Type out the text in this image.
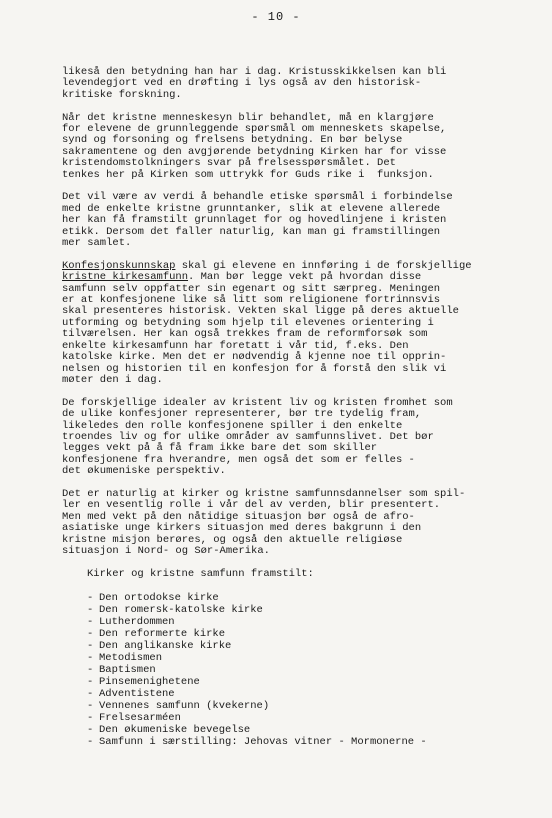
- 10 -
likeså den betydning han har i dag. Kristusskikkelsen kan bli
levendegjort ved en drøfting i lys også av den historisk-
kritiske forskning.
Når det kristne menneskesyn blir behandlet, må en klargjøre
for elevene de grunnleggende spørsmål om menneskets skapelse,
synd og forsoning og frelsens betydning. En bør belyse
sakramentene og den avgjørende betydning Kirken har for visse
kristendomstolkningers svar på frelsesspørsmålet. Det
tenkes her på Kirken som uttrykk for Guds rike i  funksjon.
Det vil være av verdi å behandle etiske spørsmål i forbindelse
med de enkelte kristne grunntanker, slik at elevene allerede
her kan få framstilt grunnlaget for og hovedlinjene i kristen
etikk. Dersom det faller naturlig, kan man gi framstillingen
mer samlet.
Konfesjonskunnskap skal gi elevene en innføring i de forskjellige
kristne kirkesamfunn. Man bør legge vekt på hvordan disse
samfunn selv oppfatter sin egenart og sitt særpreg. Meningen
er at konfesjonene like så litt som religionene fortrinnsvis
skal presenteres historisk. Vekten skal ligge på deres aktuelle
utforming og betydning som hjelp til elevenes orientering i
tilværelsen. Her kan også trekkes fram de reformforsøk som
enkelte kirkesamfunn har foretatt i vår tid, f.eks. Den
katolske kirke. Men det er nødvendig å kjenne noe til opprin-
nelsen og historien til en konfesjon for å forstå den slik vi
møter den i dag.
De forskjellige idealer av kristent liv og kristen fromhet som
de ulike konfesjoner representerer, bør tre tydelig fram,
likeledes den rolle konfesjonene spiller i den enkelte
troendes liv og for ulike områder av samfunnslivet. Det bør
legges vekt på å få fram ikke bare det som skiller
konfesjonene fra hverandre, men også det som er felles -
det økumeniske perspektiv.
Det er naturlig at kirker og kristne samfunnsdannelser som spil-
ler en vesentlig rolle i vår del av verden, blir presentert.
Men med vekt på den nåtidige situasjon bør også de afro-
asiatiske unge kirkers situasjon med deres bakgrunn i den
kristne misjon berøres, og også den aktuelle religiøse
situasjon i Nord- og Sør-Amerika.
Kirker og kristne samfunn framstilt:
- Den ortodokse kirke
- Den romersk-katolske kirke
- Lutherdommen
- Den reformerte kirke
- Den anglikanske kirke
- Metodismen
- Baptismen
- Pinsemenighetene
- Adventistene
- Vennenes samfunn (kvekerne)
- Frelsesarméen
- Den økumeniske bevegelse
- Samfunn i særstilling: Jehovas vitner - Mormonerne -
